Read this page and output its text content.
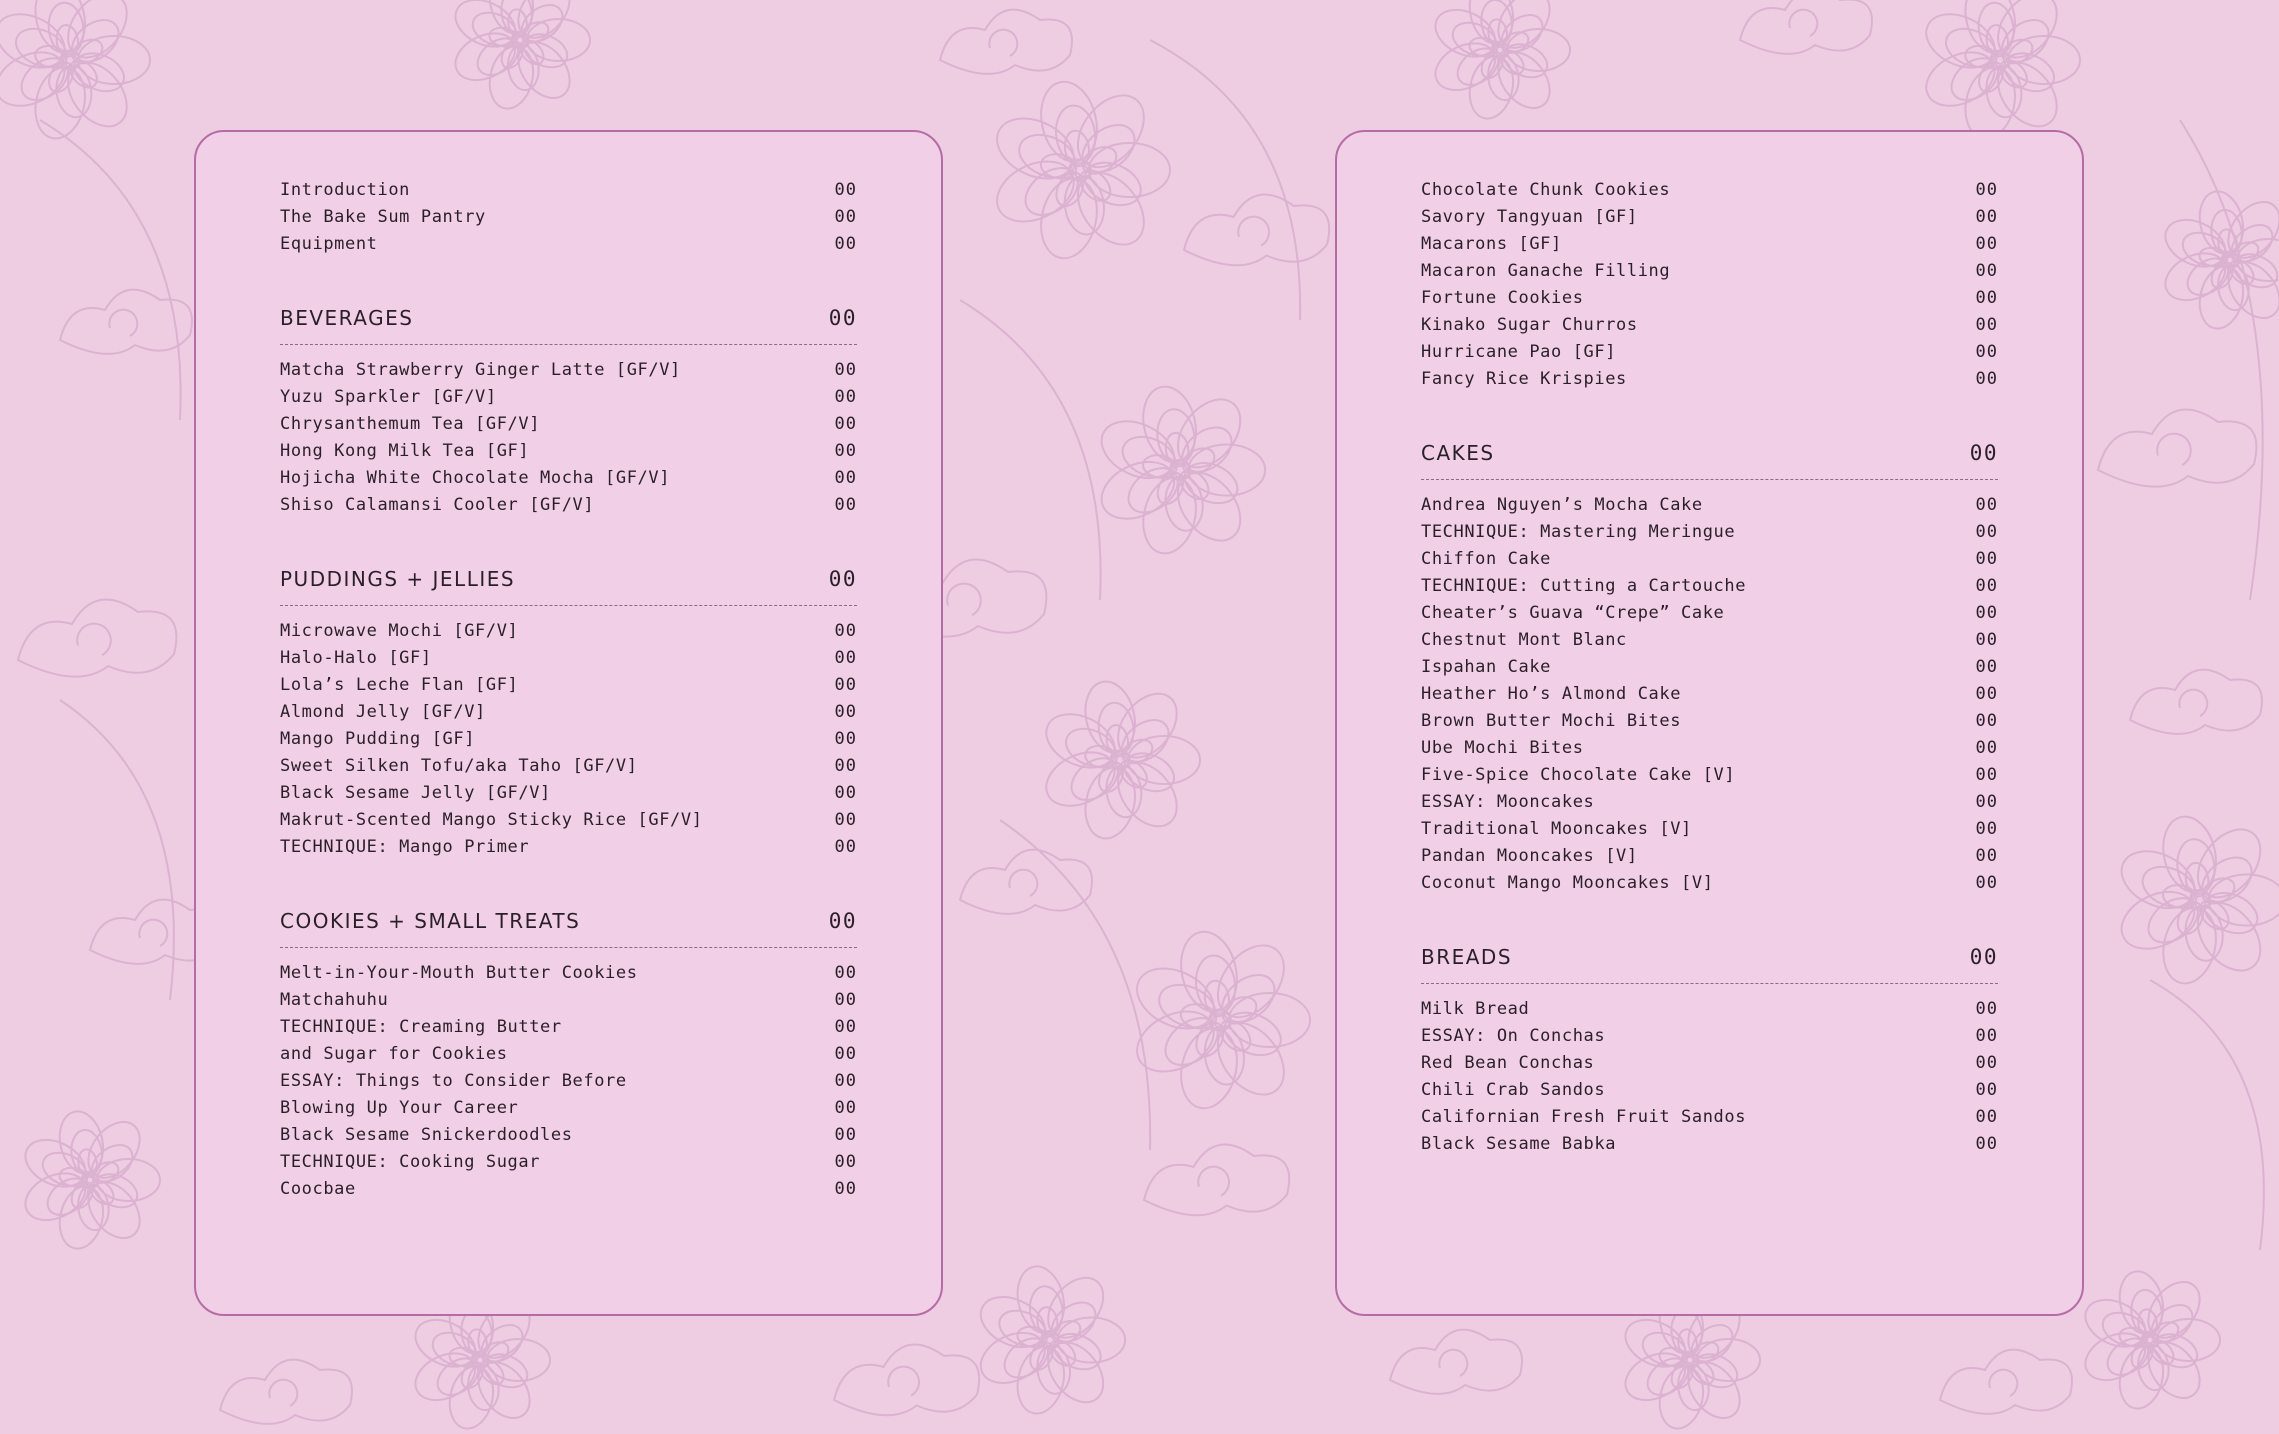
Introduction	00
The Bake Sum Pantry	00
Equipment	00
BEVERAGES	00
Matcha Strawberry Ginger Latte [GF/V]	00
Yuzu Sparkler [GF/V]	00
Chrysanthemum Tea [GF/V]	00
Hong Kong Milk Tea [GF]	00
Hojicha White Chocolate Mocha [GF/V]	00
Shiso Calamansi Cooler [GF/V]	00
PUDDINGS + JELLIES	00
Microwave Mochi [GF/V]	00
Halo-Halo [GF]	00
Lola’s Leche Flan [GF]	00
Almond Jelly [GF/V]	00
Mango Pudding [GF]	00
Sweet Silken Tofu/aka Taho [GF/V]	00
Black Sesame Jelly [GF/V]	00
Makrut-Scented Mango Sticky Rice [GF/V]	00
TECHNIQUE: Mango Primer	00
COOKIES + SMALL TREATS	00
Melt-in-Your-Mouth Butter Cookies	00
Matchahuhu	00
TECHNIQUE: Creaming Butter	00
and Sugar for Cookies	00
ESSAY: Things to Consider Before	00
Blowing Up Your Career	00
Black Sesame Snickerdoodles	00
TECHNIQUE: Cooking Sugar	00
Coocbae	00
Chocolate Chunk Cookies	00
Savory Tangyuan [GF]	00
Macarons [GF]	00
Macaron Ganache Filling	00
Fortune Cookies	00
Kinako Sugar Churros	00
Hurricane Pao [GF]	00
Fancy Rice Krispies	00
CAKES	00
Andrea Nguyen’s Mocha Cake	00
TECHNIQUE: Mastering Meringue	00
Chiffon Cake	00
TECHNIQUE: Cutting a Cartouche	00
Cheater’s Guava “Crepe” Cake	00
Chestnut Mont Blanc	00
Ispahan Cake	00
Heather Ho’s Almond Cake	00
Brown Butter Mochi Bites	00
Ube Mochi Bites	00
Five-Spice Chocolate Cake [V]	00
ESSAY: Mooncakes	00
Traditional Mooncakes [V]	00
Pandan Mooncakes [V]	00
Coconut Mango Mooncakes [V]	00
BREADS	00
Milk Bread	00
ESSAY: On Conchas	00
Red Bean Conchas	00
Chili Crab Sandos	00
Californian Fresh Fruit Sandos	00
Black Sesame Babka	00
